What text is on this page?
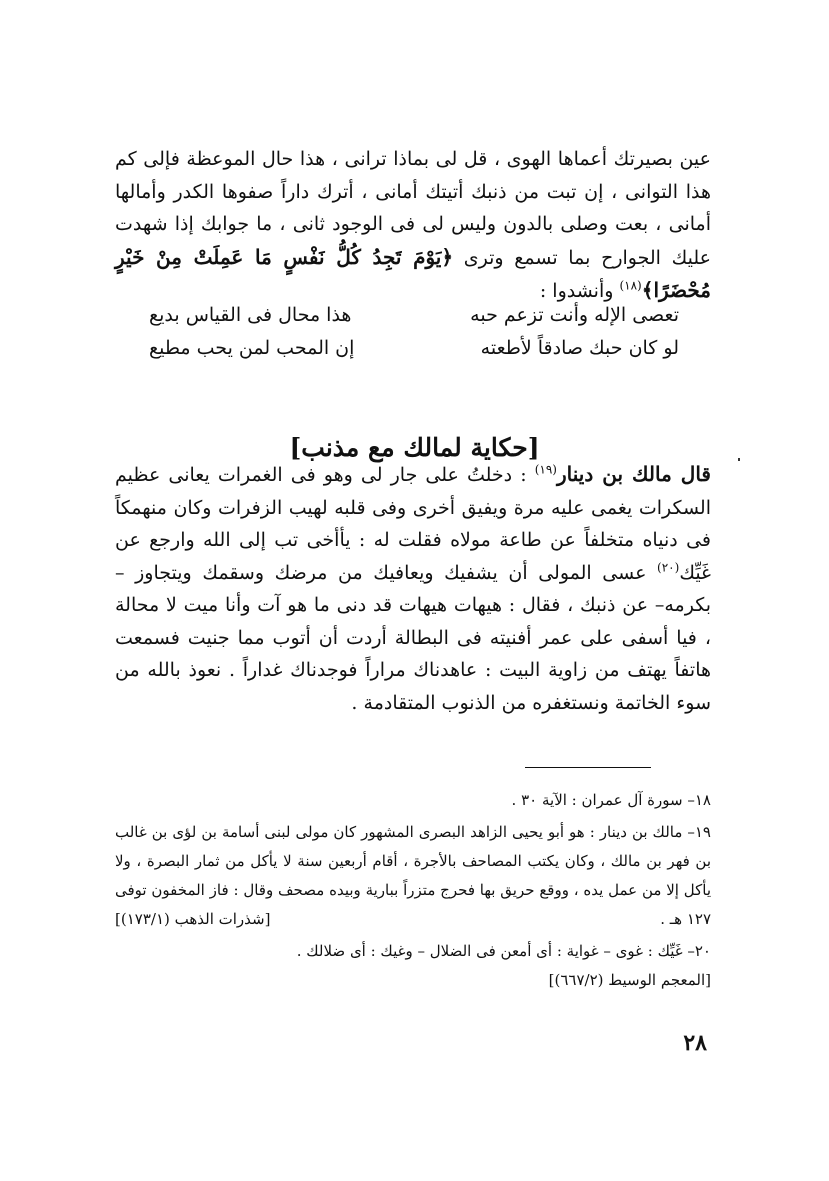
عين بصيرتك أعماها الهوى ، قل لى بماذا ترانى ، هذا حال الموعظة فإلى كم هذا التوانى ، إن تبت من ذنبك أتيتك أمانى ، أترك داراً صفوها الكدر وأمالها أمانى ، بعت وصلى بالدون وليس لى فى الوجود ثانى ، ما جوابك إذا شهدت عليك الجوارح بما تسمع وترى ﴿يَوْمَ تَجِدُ كُلُّ نَفْسٍ مَا عَمِلَتْ مِنْ خَيْرٍ مُحْضَرًا﴾$^{(١٨)}$ وأنشدوا :
تعصى الإله وأنت تزعم حبه
هذا محال فى القياس بديع
لو كان حبك صادقاً لأطعته
إن المحب لمن يحب مطيع
[حكاية لمالك مع مذنب]
قال مالك بن دينار$^{(١٩)}$ : دخلتُ على جار لى وهو فى الغمرات يعانى عظيم السكرات يغمى عليه مرة ويفيق أخرى وفى قلبه لهيب الزفرات وكان منهمكاً فى دنياه متخلفاً عن طاعة مولاه فقلت له : يأأخى تب إلى الله وارجع عن غَيِّك$^{(٢٠)}$ عسى المولى أن يشفيك ويعافيك من مرضك وسقمك ويتجاوز –بكرمه– عن ذنبك ، فقال : هيهات هيهات قد دنى ما هو آت وأنا ميت لا محالة ، فيا أسفى على عمر أفنيته فى البطالة أردت أن أتوب مما جنيت فسمعت هاتفاً يهتف من زاوية البيت : عاهدناك مراراً فوجدناك غداراً . نعوذ بالله من سوء الخاتمة ونستغفره من الذنوب المتقادمة .
١٨– سورة آل عمران : الآية ٣٠ .
١٩– مالك بن دينار : هو أبو يحيى الزاهد البصرى المشهور كان مولى لبنى أسامة بن لؤى بن غالب بن فهر بن مالك ، وكان يكتب المصاحف بالأجرة ، أقام أربعين سنة لا يأكل من ثمار البصرة ، ولا يأكل إلا من عمل يده ، ووقع حريق بها فحرج متزراً ببارية وبيده مصحف وقال : فاز المخفون توفى ١٢٧ هـ .
[شذرات الذهب (١٧٣/١)]
٢٠– غَيِّك : غوى – غواية : أى أمعن فى الضلال – وغيك : أى ضلالك .
[المعجم الوسيط (٦٦٧/٢)]
٢٨
